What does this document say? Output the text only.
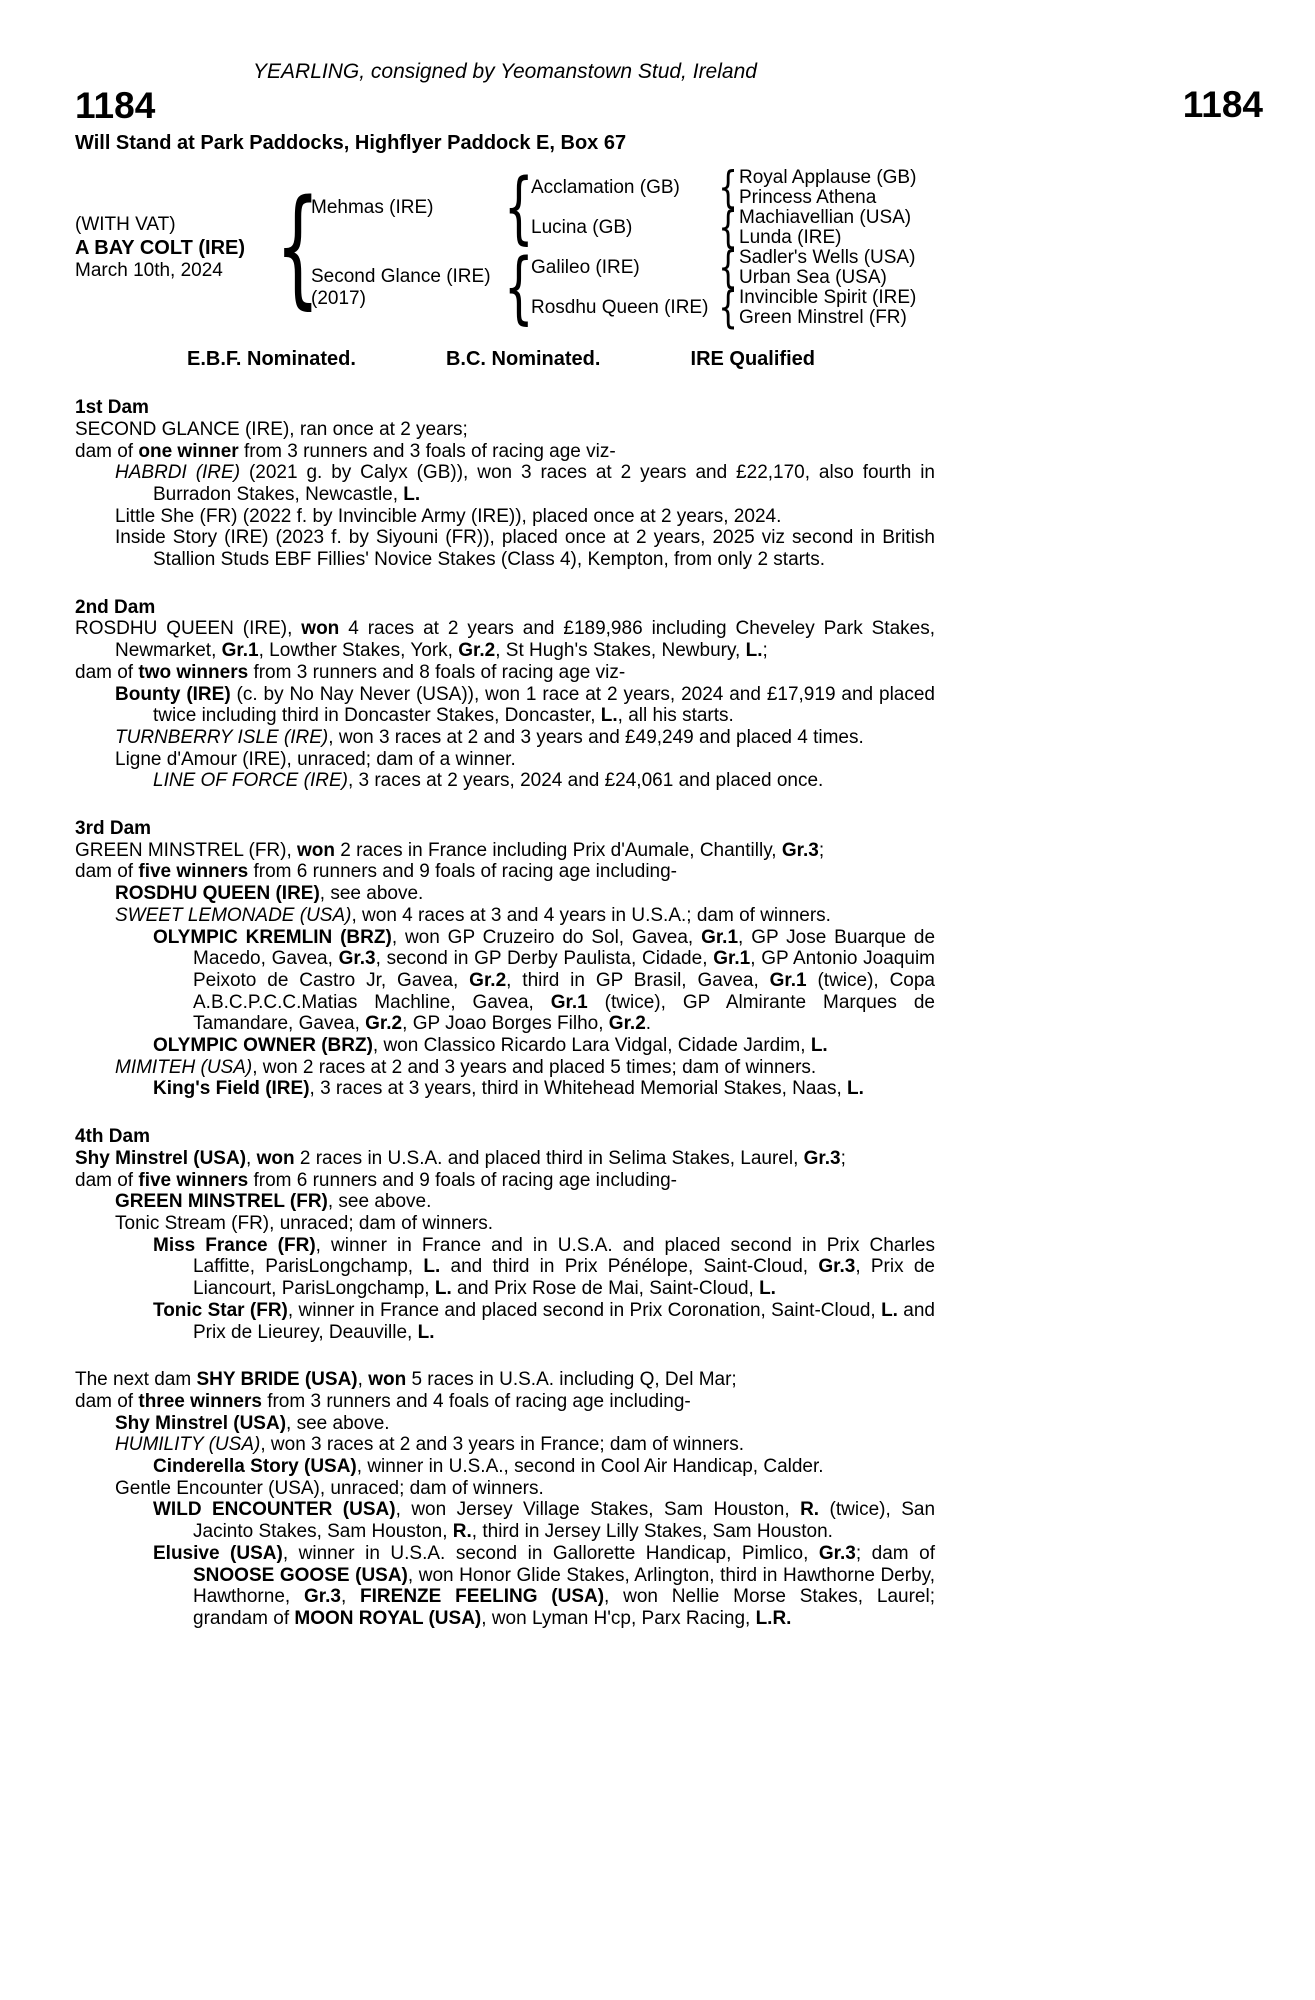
1184
YEARLING, consigned by Yeomanstown Stud, Ireland
1184
Will Stand at Park Paddocks, Highflyer Paddock E, Box 67
(WITH VAT)
A BAY COLT (IRE)
March 10th, 2024 {
Mehmas (IRE)
Second Glance (IRE)
(2017)
{
{
Acclamation (GB)
Lucina (GB)
Galileo (IRE)
Rosdhu Queen (IRE)
{
{
{
{
Royal Applause (GB)
Princess Athena
Machiavellian (USA)
Lunda (IRE)
Sadler's Wells (USA)
Urban Sea (USA)
Invincible Spirit (IRE)
Green Minstrel (FR)
E.B.F. Nominated.	B.C. Nominated.	IRE Qualified

1st Dam

SECOND GLANCE (IRE), ran once at 2 years;

dam of one winner from 3 runners and 3 foals of racing age viz-

HABRDI (IRE) (2021 g. by Calyx (GB)), won 3 races at 2 years and £22,170, also fourth in Burradon Stakes, Newcastle, L.

Little She (FR) (2022 f. by Invincible Army (IRE)), placed once at 2 years, 2024.

Inside Story (IRE) (2023 f. by Siyouni (FR)), placed once at 2 years, 2025 viz second in British Stallion Studs EBF Fillies' Novice Stakes (Class 4), Kempton, from only 2 starts.

2nd Dam

ROSDHU QUEEN (IRE), won 4 races at 2 years and £189,986 including Cheveley Park Stakes, Newmarket, Gr.1, Lowther Stakes, York, Gr.2, St Hugh's Stakes, Newbury, L.;

dam of two winners from 3 runners and 8 foals of racing age viz-

Bounty (IRE) (c. by No Nay Never (USA)), won 1 race at 2 years, 2024 and £17,919 and placed twice including third in Doncaster Stakes, Doncaster, L., all his starts.

TURNBERRY ISLE (IRE), won 3 races at 2 and 3 years and £49,249 and placed 4 times.

Ligne d'Amour (IRE), unraced; dam of a winner.

LINE OF FORCE (IRE), 3 races at 2 years, 2024 and £24,061 and placed once.

3rd Dam

GREEN MINSTREL (FR), won 2 races in France including Prix d'Aumale, Chantilly, Gr.3;

dam of five winners from 6 runners and 9 foals of racing age including-

ROSDHU QUEEN (IRE), see above.

SWEET LEMONADE (USA), won 4 races at 3 and 4 years in U.S.A.; dam of winners.

OLYMPIC KREMLIN (BRZ), won GP Cruzeiro do Sol, Gavea, Gr.1, GP Jose Buarque de Macedo, Gavea, Gr.3, second in GP Derby Paulista, Cidade, Gr.1, GP Antonio Joaquim Peixoto de Castro Jr, Gavea, Gr.2, third in GP Brasil, Gavea, Gr.1 (twice), Copa A.B.C.P.C.C.Matias Machline, Gavea, Gr.1 (twice), GP Almirante Marques de Tamandare, Gavea, Gr.2, GP Joao Borges Filho, Gr.2.

OLYMPIC OWNER (BRZ), won Classico Ricardo Lara Vidgal, Cidade Jardim, L.

MIMITEH (USA), won 2 races at 2 and 3 years and placed 5 times; dam of winners.

King's Field (IRE), 3 races at 3 years, third in Whitehead Memorial Stakes, Naas, L.

4th Dam

Shy Minstrel (USA), won 2 races in U.S.A. and placed third in Selima Stakes, Laurel, Gr.3;

dam of five winners from 6 runners and 9 foals of racing age including-

GREEN MINSTREL (FR), see above.

Tonic Stream (FR), unraced; dam of winners.

Miss France (FR), winner in France and in U.S.A. and placed second in Prix Charles Laffitte, ParisLongchamp, L. and third in Prix Pénélope, Saint-Cloud, Gr.3, Prix de Liancourt, ParisLongchamp, L. and Prix Rose de Mai, Saint-Cloud, L.

Tonic Star (FR), winner in France and placed second in Prix Coronation, Saint-Cloud, L. and Prix de Lieurey, Deauville, L.

The next dam SHY BRIDE (USA), won 5 races in U.S.A. including Q, Del Mar;

dam of three winners from 3 runners and 4 foals of racing age including-

Shy Minstrel (USA), see above.

HUMILITY (USA), won 3 races at 2 and 3 years in France; dam of winners.

Cinderella Story (USA), winner in U.S.A., second in Cool Air Handicap, Calder.

Gentle Encounter (USA), unraced; dam of winners.

WILD ENCOUNTER (USA), won Jersey Village Stakes, Sam Houston, R. (twice), San Jacinto Stakes, Sam Houston, R., third in Jersey Lilly Stakes, Sam Houston.

Elusive (USA), winner in U.S.A. second in Gallorette Handicap, Pimlico, Gr.3; dam of SNOOSE GOOSE (USA), won Honor Glide Stakes, Arlington, third in Hawthorne Derby, Hawthorne, Gr.3, FIRENZE FEELING (USA), won Nellie Morse Stakes, Laurel; grandam of MOON ROYAL (USA), won Lyman H'cp, Parx Racing, L.R.
